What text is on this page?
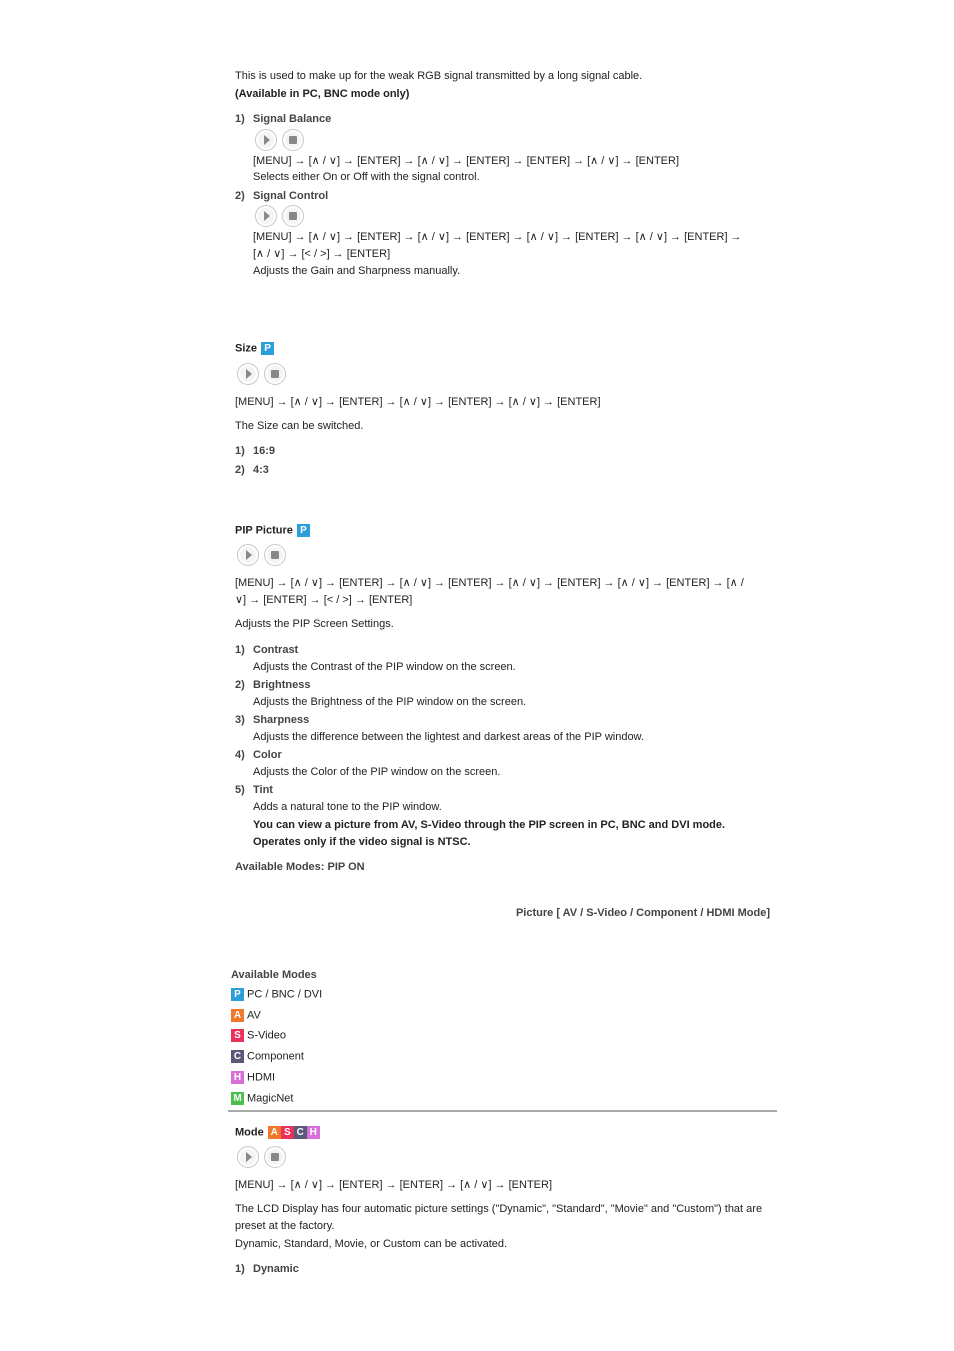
This is used to make up for the weak RGB signal transmitted by a long signal cable.
(Available in PC, BNC mode only)
1) Signal Balance
[MENU] → [∧ / ∨] → [ENTER] → [∧ / ∨] → [ENTER] → [ENTER] → [∧ / ∨] → [ENTER]
Selects either On or Off with the signal control.
2) Signal Control
[MENU] → [∧ / ∨] → [ENTER] → [∧ / ∨] → [ENTER] → [∧ / ∨] → [ENTER] → [∧ / ∨] → [ENTER] →
[∧ / ∨] → [< / >] → [ENTER]
Adjusts the Gain and Sharpness manually.
Size P
[MENU] → [∧ / ∨] → [ENTER] → [∧ / ∨] → [ENTER] → [∧ / ∨] → [ENTER]
The Size can be switched.
1) 16:9
2) 4:3
PIP Picture P
[MENU] → [∧ / ∨] → [ENTER] → [∧ / ∨] → [ENTER] → [∧ / ∨] → [ENTER] → [∧ / ∨] → [ENTER] → [∧ /
∨] → [ENTER] → [< / >] → [ENTER]
Adjusts the PIP Screen Settings.
1) Contrast
Adjusts the Contrast of the PIP window on the screen.
2) Brightness
Adjusts the Brightness of the PIP window on the screen.
3) Sharpness
Adjusts the difference between the lightest and darkest areas of the PIP window.
4) Color
Adjusts the Color of the PIP window on the screen.
5) Tint
Adds a natural tone to the PIP window.
You can view a picture from AV, S-Video through the PIP screen in PC, BNC and DVI mode.
Operates only if the video signal is NTSC.
Available Modes: PIP ON
Picture [ AV / S-Video / Component / HDMI Mode]
Available Modes
P PC / BNC / DVI
A AV
S S-Video
C Component
H HDMI
M MagicNet
Mode A S C H
[MENU] → [∧ / ∨] → [ENTER] → [ENTER] → [∧ / ∨] → [ENTER]
The LCD Display has four automatic picture settings ("Dynamic", "Standard", "Movie" and "Custom") that are
preset at the factory.
Dynamic, Standard, Movie, or Custom can be activated.
1) Dynamic
